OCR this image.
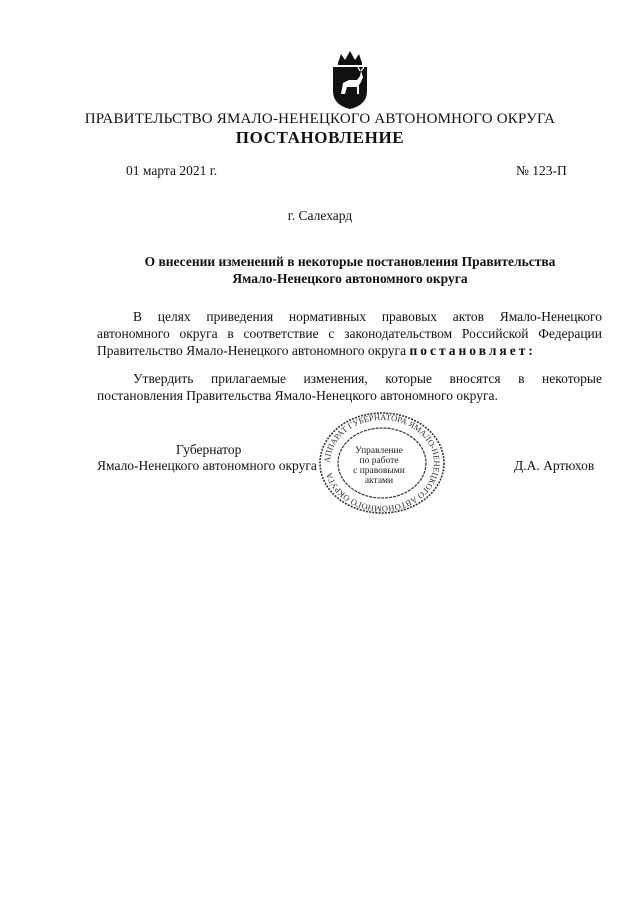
ПРАВИТЕЛЬСТВО ЯМАЛО-НЕНЕЦКОГО АВТОНОМНОГО ОКРУГА
ПОСТАНОВЛЕНИЕ
01 марта 2021 г.	№ 123-П
г. Салехард
О внесении изменений в некоторые постановления Правительства
Ямало-Ненецкого автономного округа
В целях приведения нормативных правовых актов Ямало-Ненецкого автономного округа в соответствие с законодательством Российской Федерации Правительство Ямало-Ненецкого автономного округа постановляет:
Утвердить прилагаемые изменения, которые вносятся в некоторые постановления Правительства Ямало-Ненецкого автономного округа.
Губернатор
Ямало-Ненецкого автономного округа	Д.А. Артюхов
АППАРАТ ГУБЕРНАТОРА ЯМАЛО-НЕНЕЦКОГО АВТОНОМНОГО ОКРУГА
Управление
по работе
с правовыми
актами
